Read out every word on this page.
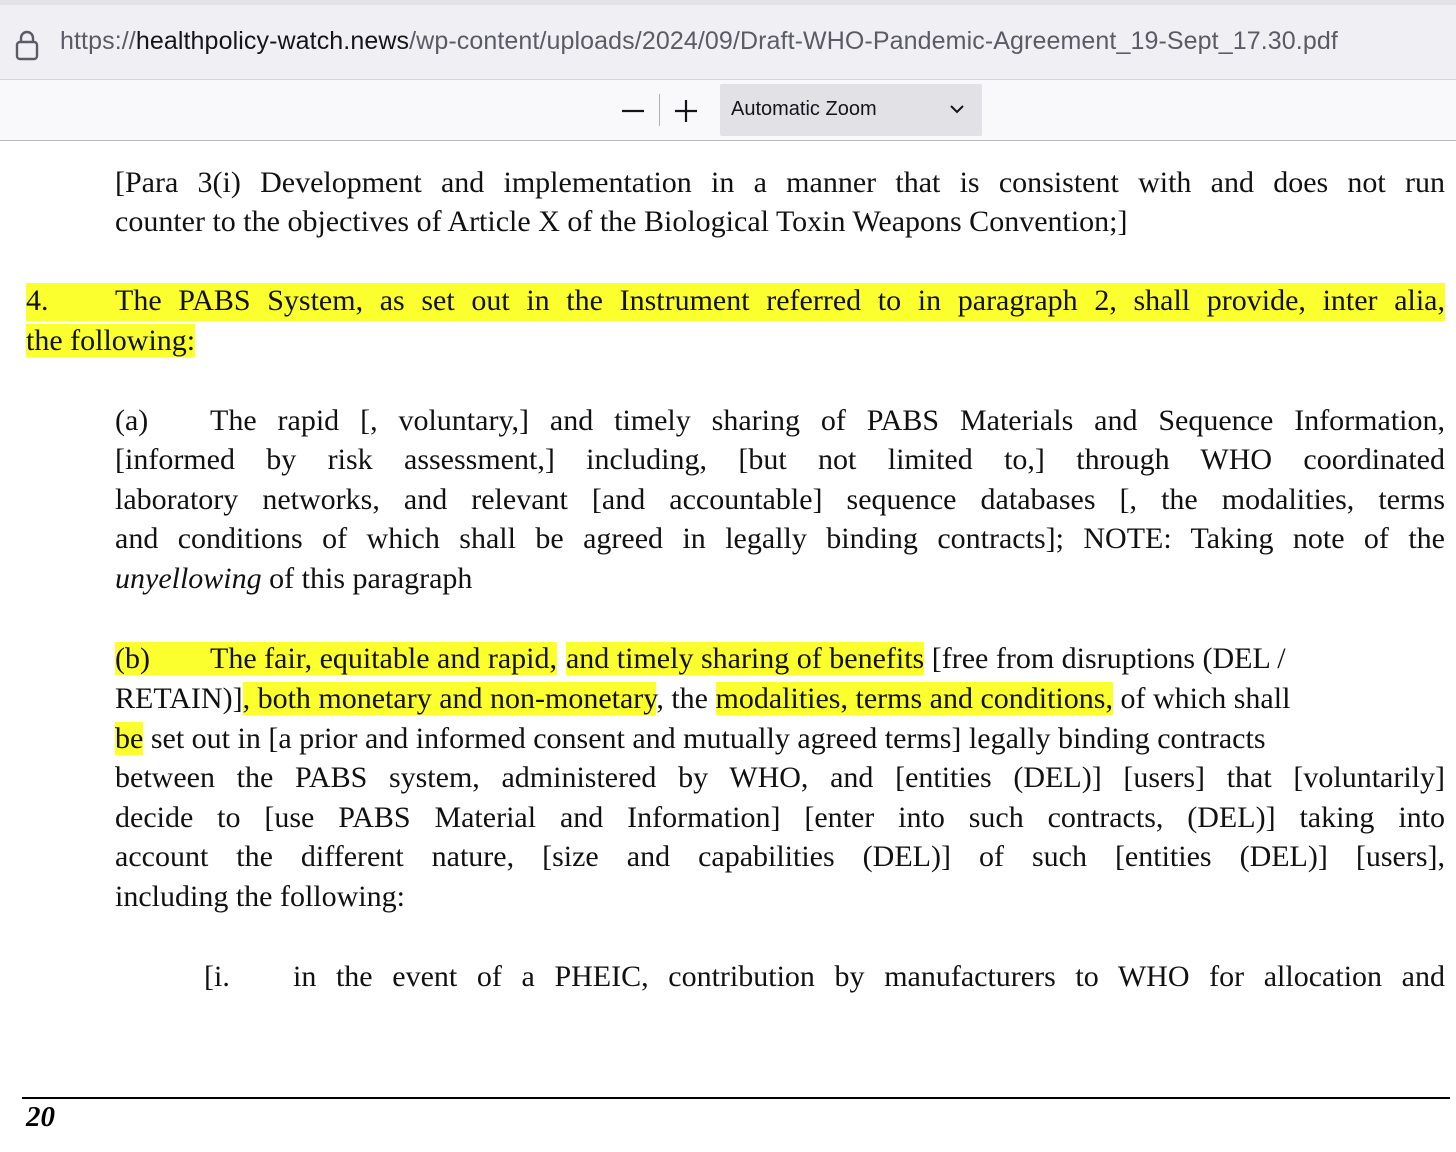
https://healthpolicy-watch.news/wp-content/uploads/2024/09/Draft-WHO-Pandemic-Agreement_19-Sept_17.30.pdf
Automatic Zoom
[Para 3(i) Development and implementation in a manner that is consistent with and does not run
counter to the objectives of Article X of the Biological Toxin Weapons Convention;]
4. The PABS System, as set out in the Instrument referred to in paragraph 2, shall provide, inter alia,
the following:
(a) The rapid [, voluntary,] and timely sharing of PABS Materials and Sequence Information,
[informed by risk assessment,] including, [but not limited to,] through WHO coordinated
laboratory networks, and relevant [and accountable] sequence databases [, the modalities, terms
and conditions of which shall be agreed in legally binding contracts]; NOTE: Taking note of the
unyellowing of this paragraph
(b) The fair, equitable and rapid, and timely sharing of benefits [free from disruptions (DEL /
RETAIN)], both monetary and non-monetary, the modalities, terms and conditions, of which shall
be set out in [a prior and informed consent and mutually agreed terms] legally binding contracts
between the PABS system, administered by WHO, and [entities (DEL)] [users] that [voluntarily]
decide to [use PABS Material and Information] [enter into such contracts, (DEL)] taking into
account the different nature, [size and capabilities (DEL)] of such [entities (DEL)] [users],
including the following:
[i. in the event of a PHEIC, contribution by manufacturers to WHO for allocation and
20
